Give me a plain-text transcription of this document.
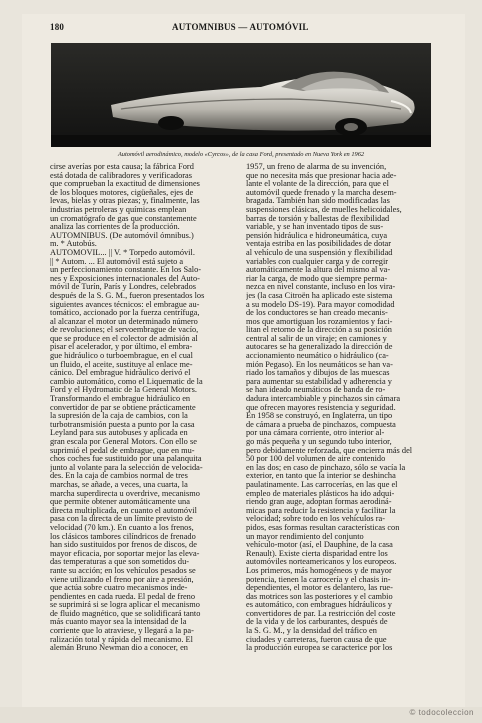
180	AUTOMNIBUS — AUTOMÓVIL
Automóvil aerodinámico, modelo «Cyrcos», de la casa Ford, presentado en Nueva York en 1962
cirse averías por esta causa; la fábrica Ford
está dotada de calibradores y verificadoras
que comprueban la exactitud de dimensiones
de los bloques motores, cigüeñales, ejes de
levas, bielas y otras piezas; y, finalmente, las
industrias petroleras y químicas emplean
un cromatógrafo de gas que constantemente
analiza las corrientes de la producción.
AUTOMNIBUS. (De automóvil ómnibus.)
m. * Autobús.
AUTOMÓVIL... || V. * Torpedo automóvil.
|| * Autom. ... El automóvil está sujeto a
un perfeccionamiento constante. En los Salo-
nes y Exposiciones internacionales del Auto-
móvil de Turín, París y Londres, celebrados
después de la S. G. M., fueron presentados los
siguientes avances técnicos: el embrague au-
tomático, accionado por la fuerza centrífuga,
al alcanzar el motor un determinado número
de revoluciones; el servoembrague de vacío,
que se produce en el colector de admisión al
pisar el acelerador, y por último, el embra-
gue hidráulico o turboembrague, en el cual
un fluido, el aceite, sustituye al enlace me-
cánico. Del embrague hidráulico derivó el
cambio automático, como el Liquematic de la
Ford y el Hydromatic de la General Motors.
Transformando el embrague hidráulico en
convertidor de par se obtiene prácticamente
la supresión de la caja de cambios, con la
turbotransmisión puesta a punto por la casa
Leyland para sus autobuses y aplicada en
gran escala por General Motors. Con ello se
suprimió el pedal de embrague, que en mu-
chos coches fue sustituido por una palanquita
junto al volante para la selección de velocida-
des. En la caja de cambios normal de tres
marchas, se añade, a veces, una cuarta, la
marcha superdirecta u overdrive, mecanismo
que permite obtener automáticamente una
directa multiplicada, en cuanto el automóvil
pasa con la directa de un límite previsto de
velocidad (70 km.). En cuanto a los frenos,
los clásicos tambores cilíndricos de frenado
han sido sustituidos por frenos de discos, de
mayor eficacia, por soportar mejor las eleva-
das temperaturas a que son sometidos du-
rante su acción; en los vehículos pesados se
viene utilizando el freno por aire a presión,
que actúa sobre cuatro mecanismos inde-
pendientes en cada rueda. El pedal de freno
se suprimirá si se logra aplicar el mecanismo
de fluido magnético, que se solidificará tanto
más cuanto mayor sea la intensidad de la
corriente que lo atraviese, y llegará a la pa-
ralización total y rápida del mecanismo. El
alemán Bruno Newman dio a conocer, en
1957, un freno de alarma de su invención,
que no necesita más que presionar hacia ade-
lante el volante de la dirección, para que el
automóvil quede frenado y la marcha desem-
bragada. También han sido modificadas las
suspensiones clásicas, de muelles helicoidales,
barras de torsión y ballestas de flexibilidad
variable, y se han inventado tipos de sus-
pensión hidráulica e hidroneumática, cuya
ventaja estriba en las posibilidades de dotar
al vehículo de una suspensión y flexibilidad
variables con cualquier carga y de corregir
automáticamente la altura del mismo al va-
riar la carga, de modo que siempre perma-
nezca en nivel constante, incluso en los vira-
jes (la casa Citroën ha aplicado este sistema
a su modelo DS-19). Para mayor comodidad
de los conductores se han creado mecanis-
mos que amortiguan los rozamientos y faci-
litan el retorno de la dirección a su posición
central al salir de un viraje; en camiones y
autocares se ha generalizado la dirección de
accionamiento neumático o hidráulico (ca-
mión Pegaso). En los neumáticos se han va-
riado los tamaños y dibujos de las muescas
para aumentar su estabilidad y adherencia y
se han ideado neumáticos de banda de ro-
dadura intercambiable y pinchazos sin cámara
que ofrecen mayores resistencia y seguridad.
En 1958 se construyó, en Inglaterra, un tipo
de cámara a prueba de pinchazos, compuesta
por una cámara corriente, otro interior al-
go más pequeña y un segundo tubo interior,
pero debidamente reforzada, que encierra más del
50 por 100 del volumen de aire contenido
en las dos; en caso de pinchazo, sólo se vacía la
exterior, en tanto que la interior se deshincha
paulatinamente. Las carrocerías, en las que el
empleo de materiales plásticos ha ido adqui-
riendo gran auge, adoptan formas aerodiná-
micas para reducir la resistencia y facilitar la
velocidad; sobre todo en los vehículos ra-
pidos, esas formas resultan características con
un mayor rendimiento del conjunto
vehículo-motor (así, el Dauphine, de la casa
Renault). Existe cierta disparidad entre los
automóviles norteamericanos y los europeos.
Los primeros, más homogéneos y de mayor
potencia, tienen la carrocería y el chasis in-
dependientes, el motor es delantero, las rue-
das motrices son las posteriores y el cambio
es automático, con embragues hidráulicos y
convertidores de par. La restricción del coste
de la vida y de los carburantes, después de
la S. G. M., y la densidad del tráfico en
ciudades y carreteras, fueron causa de que
la producción europea se caracterice por los
© todocoleccion
